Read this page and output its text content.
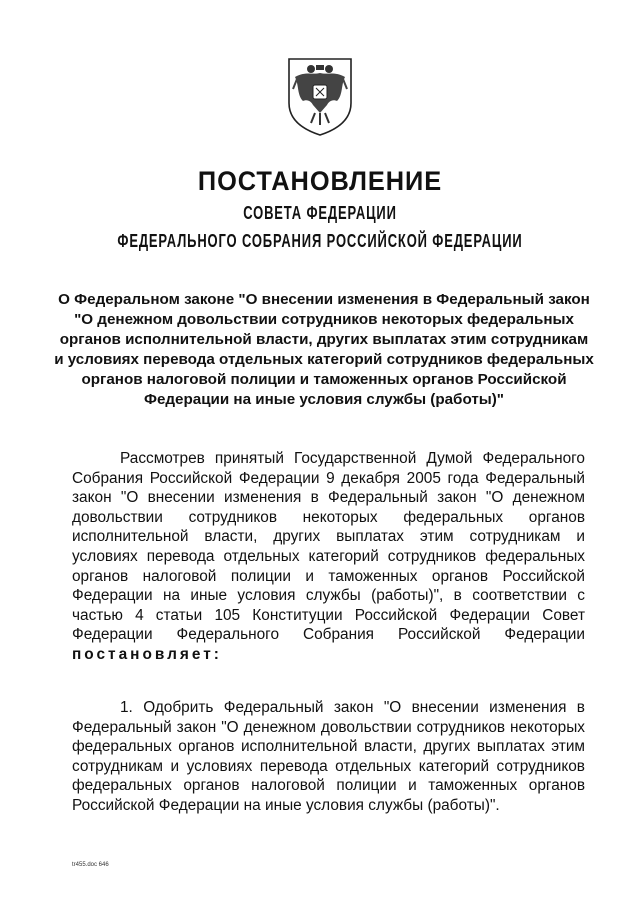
ПОСТАНОВЛЕНИЕ
СОВЕТА ФЕДЕРАЦИИ
ФЕДЕРАЛЬНОГО СОБРАНИЯ РОССИЙСКОЙ ФЕДЕРАЦИИ
О Федеральном законе "О внесении изменения в Федеральный закон "О денежном довольствии сотрудников некоторых федеральных органов исполнительной власти, других выплатах этим сотрудникам и условиях перевода отдельных категорий сотрудников федеральных органов налоговой полиции и таможенных органов Российской Федерации на иные условия службы (работы)"
Рассмотрев принятый Государственной Думой Федерального Собрания Российской Федерации 9 декабря 2005 года Федеральный закон "О внесении изменения в Федеральный закон "О денежном довольствии сотрудников некоторых федеральных органов исполнительной власти, других выплатах этим сотрудникам и условиях перевода отдельных категорий сотрудников федеральных органов налоговой полиции и таможенных органов Российской Федерации на иные условия службы (работы)", в соответствии с частью 4 статьи 105 Конституции Российской Федерации Совет Федерации Федерального Собрания Российской Федерации постановляет:
1. Одобрить Федеральный закон "О внесении изменения в Федеральный закон "О денежном довольствии сотрудников некоторых федеральных органов исполнительной власти, других выплатах этим сотрудникам и условиях перевода отдельных категорий сотрудников федеральных органов налоговой полиции и таможенных органов Российской Федерации на иные условия службы (работы)".
tr455.doc 646
